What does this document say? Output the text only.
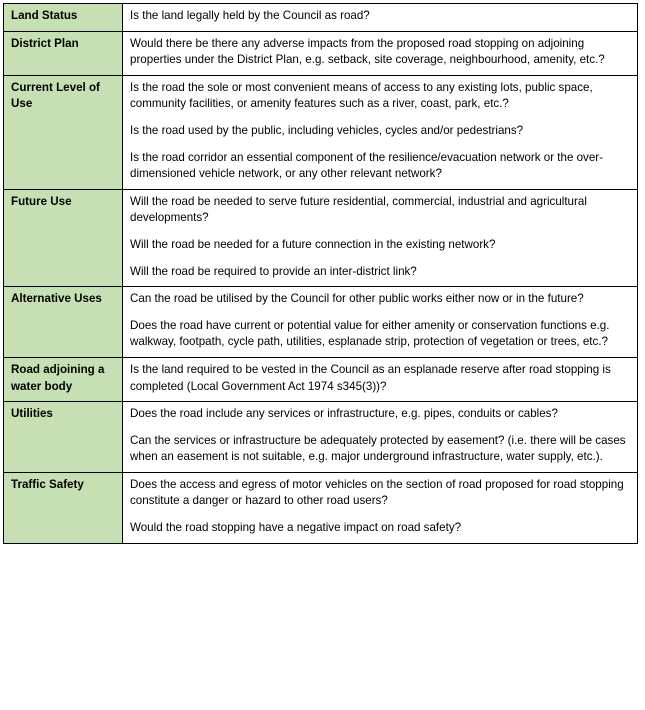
Land Status	Is the land legally held by the Council as road?

District Plan	Would there be there any adverse impacts from the proposed road stopping on adjoining properties under the District Plan, e.g. setback, site coverage, neighbourhood, amenity, etc.?

Current Level of Use	Is the road the sole or most convenient means of access to any existing lots, public space, community facilities, or amenity features such as a river, coast, park, etc.?

Is the road used by the public, including vehicles, cycles and/or pedestrians?

Is the road corridor an essential component of the resilience/evacuation network or the over-dimensioned vehicle network, or any other relevant network?

Future Use	Will the road be needed to serve future residential, commercial, industrial and agricultural developments?

Will the road be needed for a future connection in the existing network?

Will the road be required to provide an inter-district link?

Alternative Uses	Can the road be utilised by the Council for other public works either now or in the future?

Does the road have current or potential value for either amenity or conservation functions e.g. walkway, footpath, cycle path, utilities, esplanade strip, protection of vegetation or trees, etc.?

Road adjoining a water body	Is the land required to be vested in the Council as an esplanade reserve after road stopping is completed (Local Government Act 1974 s345(3))?

Utilities	Does the road include any services or infrastructure, e.g. pipes, conduits or cables?

Can the services or infrastructure be adequately protected by easement? (i.e. there will be cases when an easement is not suitable, e.g. major underground infrastructure, water supply, etc.).

Traffic Safety	Does the access and egress of motor vehicles on the section of road proposed for road stopping constitute a danger or hazard to other road users?

Would the road stopping have a negative impact on road safety?
